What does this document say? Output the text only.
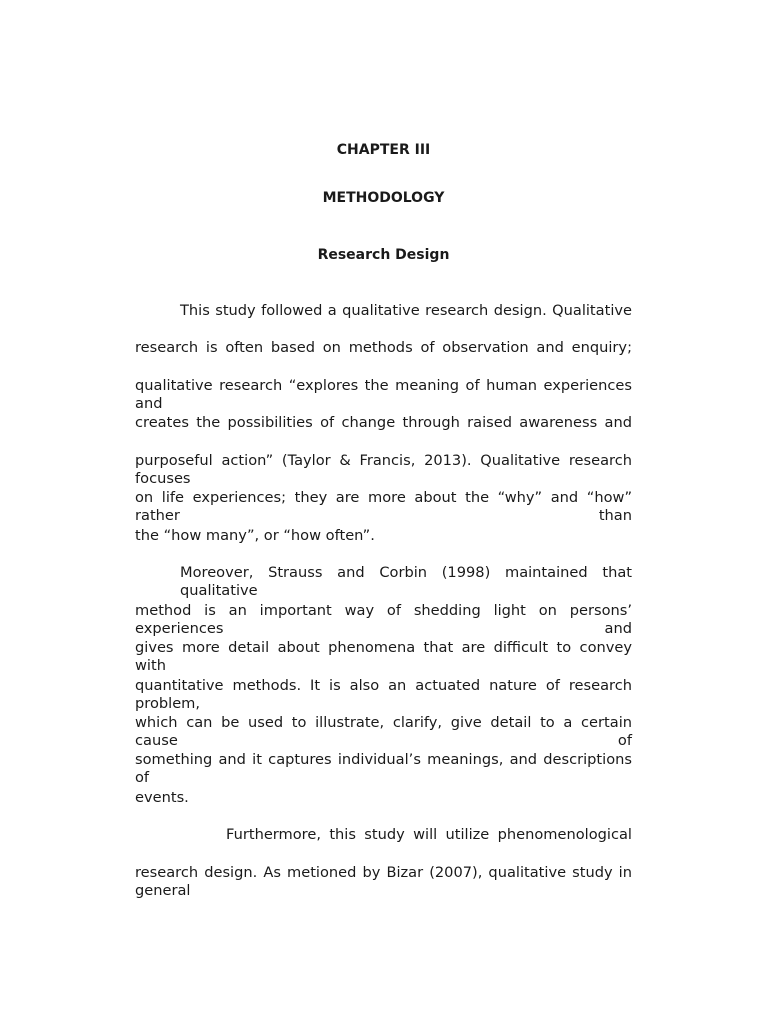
CHAPTER III
METHODOLOGY
Research Design

This study followed a qualitative research design. Qualitative

research is often based on methods of observation and enquiry;

qualitative research “explores the meaning of human experiences and

creates the possibilities of change through raised awareness and

purposeful action” (Taylor & Francis, 2013). Qualitative research focuses

on life experiences; they are more about the “why” and “how” rather than

the “how many”, or “how often”.

Moreover, Strauss and Corbin (1998) maintained that qualitative

method is an important way of shedding light on persons’ experiences and

gives more detail about phenomena that are difficult to convey with

quantitative methods. It is also an actuated nature of research problem,

which can be used to illustrate, clarify, give detail to a certain cause of

something and it captures individual’s meanings, and descriptions of

events.

Furthermore, this study will utilize phenomenological

research design. As metioned by Bizar (2007), qualitative study in general
